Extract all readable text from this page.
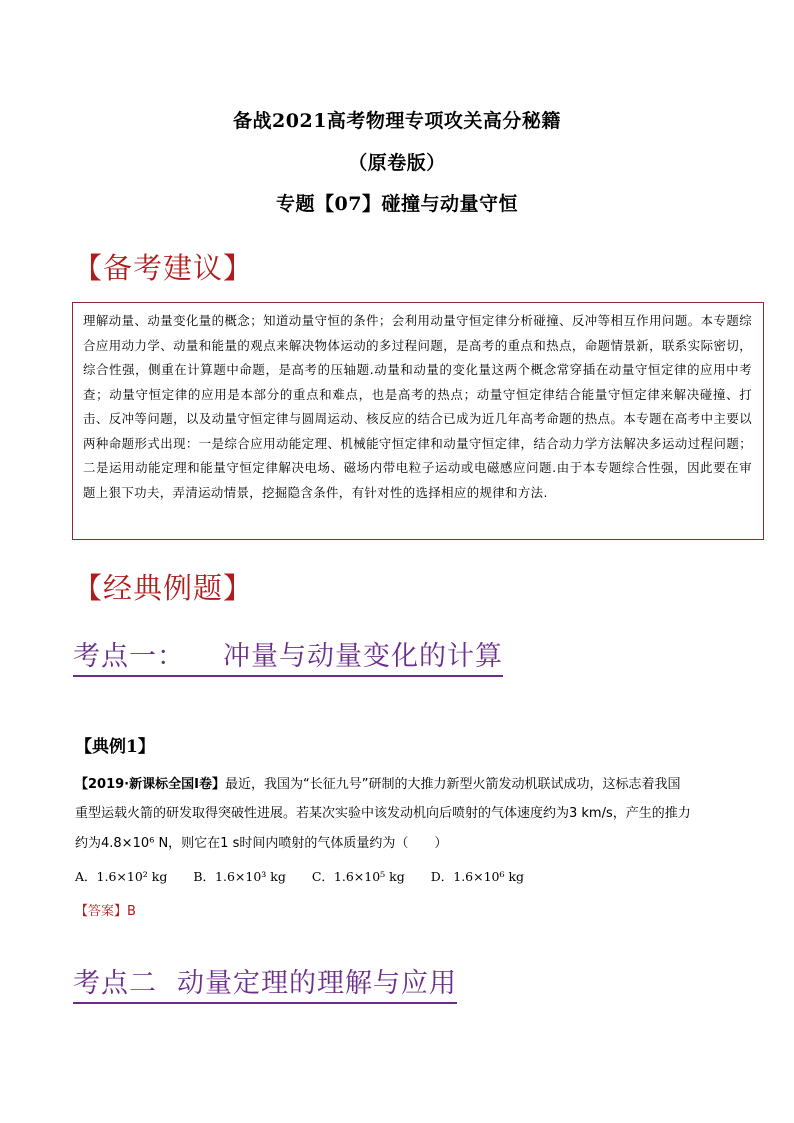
备战2021高考物理专项攻关高分秘籍
（原卷版）
专题【07】碰撞与动量守恒
【备考建议】

理解动量、动量变化量的概念；知道动量守恒的条件；会利用动量守恒定律分析碰撞、反冲等相互作用问题。本专题综合应用动力学、动量和能量的观点来解决物体运动的多过程问题，是高考的重点和热点，命题情景新，联系实际密切，综合性强，侧重在计算题中命题，是高考的压轴题.动量和动量的变化量这两个概念常穿插在动量守恒定律的应用中考查；动量守恒定律的应用是本部分的重点和难点，也是高考的热点；动量守恒定律结合能量守恒定律来解决碰撞、打击、反冲等问题，以及动量守恒定律与圆周运动、核反应的结合已成为近几年高考命题的热点。本专题在高考中主要以两种命题形式出现：一是综合应用动能定理、机械能守恒定律和动量守恒定律，结合动力学方法解决多运动过程问题；二是运用动能定理和能量守恒定律解决电场、磁场内带电粒子运动或电磁感应问题.由于本专题综合性强，因此要在审题上狠下功夫，弄清运动情景，挖掘隐含条件，有针对性的选择相应的规律和方法.

【经典例题】
考点一： 冲量与动量变化的计算
【典例1】
【2019·新课标全国Ⅰ卷】最近，我国为“长征九号”研制的大推力新型火箭发动机联试成功，这标志着我国
重型运载火箭的研发取得突破性进展。若某次实验中该发动机向后喷射的气体速度约为3 km/s，产生的推力
约为4.8×10⁶ N，则它在1 s时间内喷射的气体质量约为（　　）
A．1.6×10² kg B．1.6×10³ kg C．1.6×10⁵ kg D．1.6×10⁶ kg
【答案】B
考点二 动量定理的理解与应用
